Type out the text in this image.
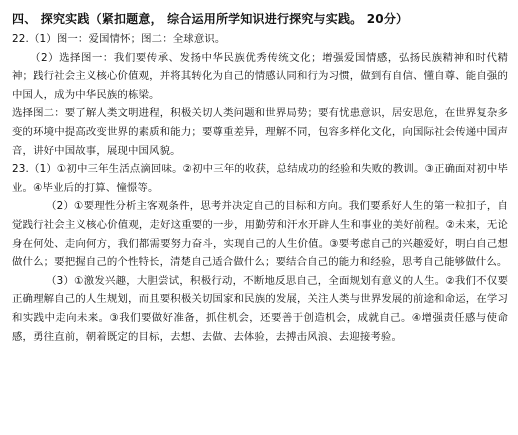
四、 探究实践（紧扣题意， 综合运用所学知识进行探究与实践。 20分）

22.（1）图一：爱国情怀；图二：全球意识。

（2）选择图一：我们要传承、发扬中华民族优秀传统文化；增强爱国情感，弘扬民族精神和时代精神；践行社会主义核心价值观，并将其转化为自己的情感认同和行为习惯，做到有自信、懂自尊、能自强的中国人，成为中华民族的栋梁。

选择图二：要了解人类文明进程，积极关切人类问题和世界局势；要有忧患意识，居安思危，在世界复杂多变的环境中提高改变世界的素质和能力；要尊重差异，理解不同，包容多样化文化，向国际社会传递中国声音，讲好中国故事，展现中国风貌。

23.（1）①初中三年生活点滴回味。②初中三年的收获，总结成功的经验和失败的教训。③正确面对初中毕业。④毕业后的打算、憧憬等。

（2）①要理性分析主客观条件，思考并决定自己的目标和方向。我们要系好人生的第一粒扣子，自觉践行社会主义核心价值观，走好这重要的一步，用勤劳和汗水开辟人生和事业的美好前程。②未来，无论身在何处、走向何方，我们都需要努力奋斗，实现自己的人生价值。③要考虑自己的兴趣爱好，明白自己想做什么；要把握自己的个性特长，清楚自己适合做什么；要结合自己的能力和经验，思考自己能够做什么。

（3）①激发兴趣，大胆尝试，积极行动，不断地反思自己，全面规划有意义的人生。②我们不仅要正确理解自己的人生规划，而且要积极关切国家和民族的发展，关注人类与世界发展的前途和命运，在学习和实践中走向未来。③我们要做好准备，抓住机会，还要善于创造机会，成就自己。④增强责任感与使命感，勇往直前，朝着既定的目标，去想、去做、去体验，去搏击风浪、去迎接考验。
